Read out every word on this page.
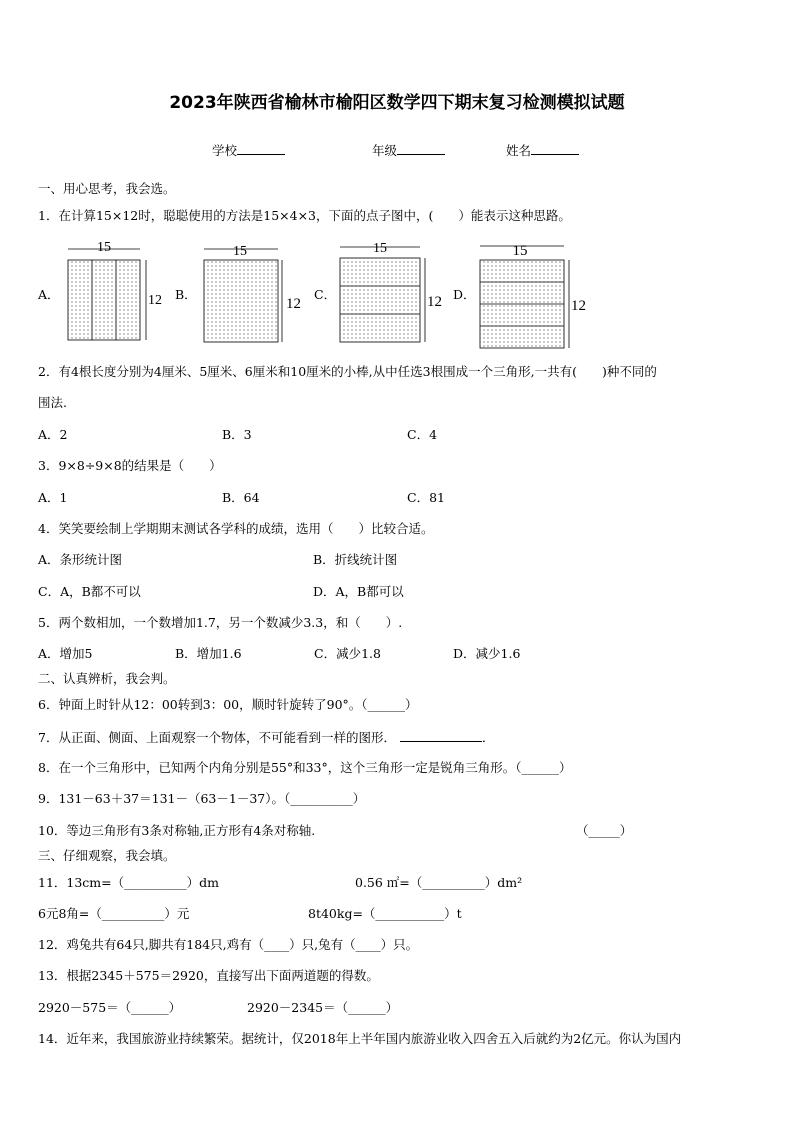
2023年陕西省榆林市榆阳区数学四下期末复习检测模拟试题
学校	年级	姓名
一、用心思考，我会选。
1．在计算15×12时，聪聪使用的方法是15×4×3，下面的点子图中，(　　）能表示这种思路。
A．	B．	C．	D．
15
12
15
12
15
12
15
12
2．有4根长度分别为4厘米、5厘米、6厘米和10厘米的小棒,从中任选3根围成一个三角形,一共有(　　)种不同的
围法.
A．2	B．3	C．4
3．9×8÷9×8的结果是（　　）
A．1	B．64	C．81
4．笑笑要绘制上学期期末测试各学科的成绩，选用（　　）比较合适。
A．条形统计图	B．折线统计图
C．A，B都不可以	D．A，B都可以
5．两个数相加，一个数增加1.7，另一个数减少3.3，和（　　）.
A．增加5	B．增加1.6	C．减少1.8	D．减少1.6
二、认真辨析，我会判。
6．钟面上时针从12：00转到3：00，顺时针旋转了90°。（______）
7．从正面、侧面、上面观察一个物体，不可能看到一样的图形．	．
8．在一个三角形中，已知两个内角分别是55°和33°，这个三角形一定是锐角三角形。（______）
9．131－63＋37＝131－（63－1－37）。（__________）
10．等边三角形有3条对称轴,正方形有4条对称轴.	（_____）
三、仔细观察，我会填。
11．13cm=（__________）dm	0.56 ㎡=（__________）dm²
6元8角=（__________）元	8t40kg=（___________）t
12．鸡兔共有64只,脚共有184只,鸡有（____）只,兔有（____）只。
13．根据2345＋575＝2920，直接写出下面两道题的得数。
2920－575＝（______）	2920－2345＝（______）
14．近年来，我国旅游业持续繁荣。据统计，仅2018年上半年国内旅游业收入四舍五入后就约为2亿元。你认为国内
